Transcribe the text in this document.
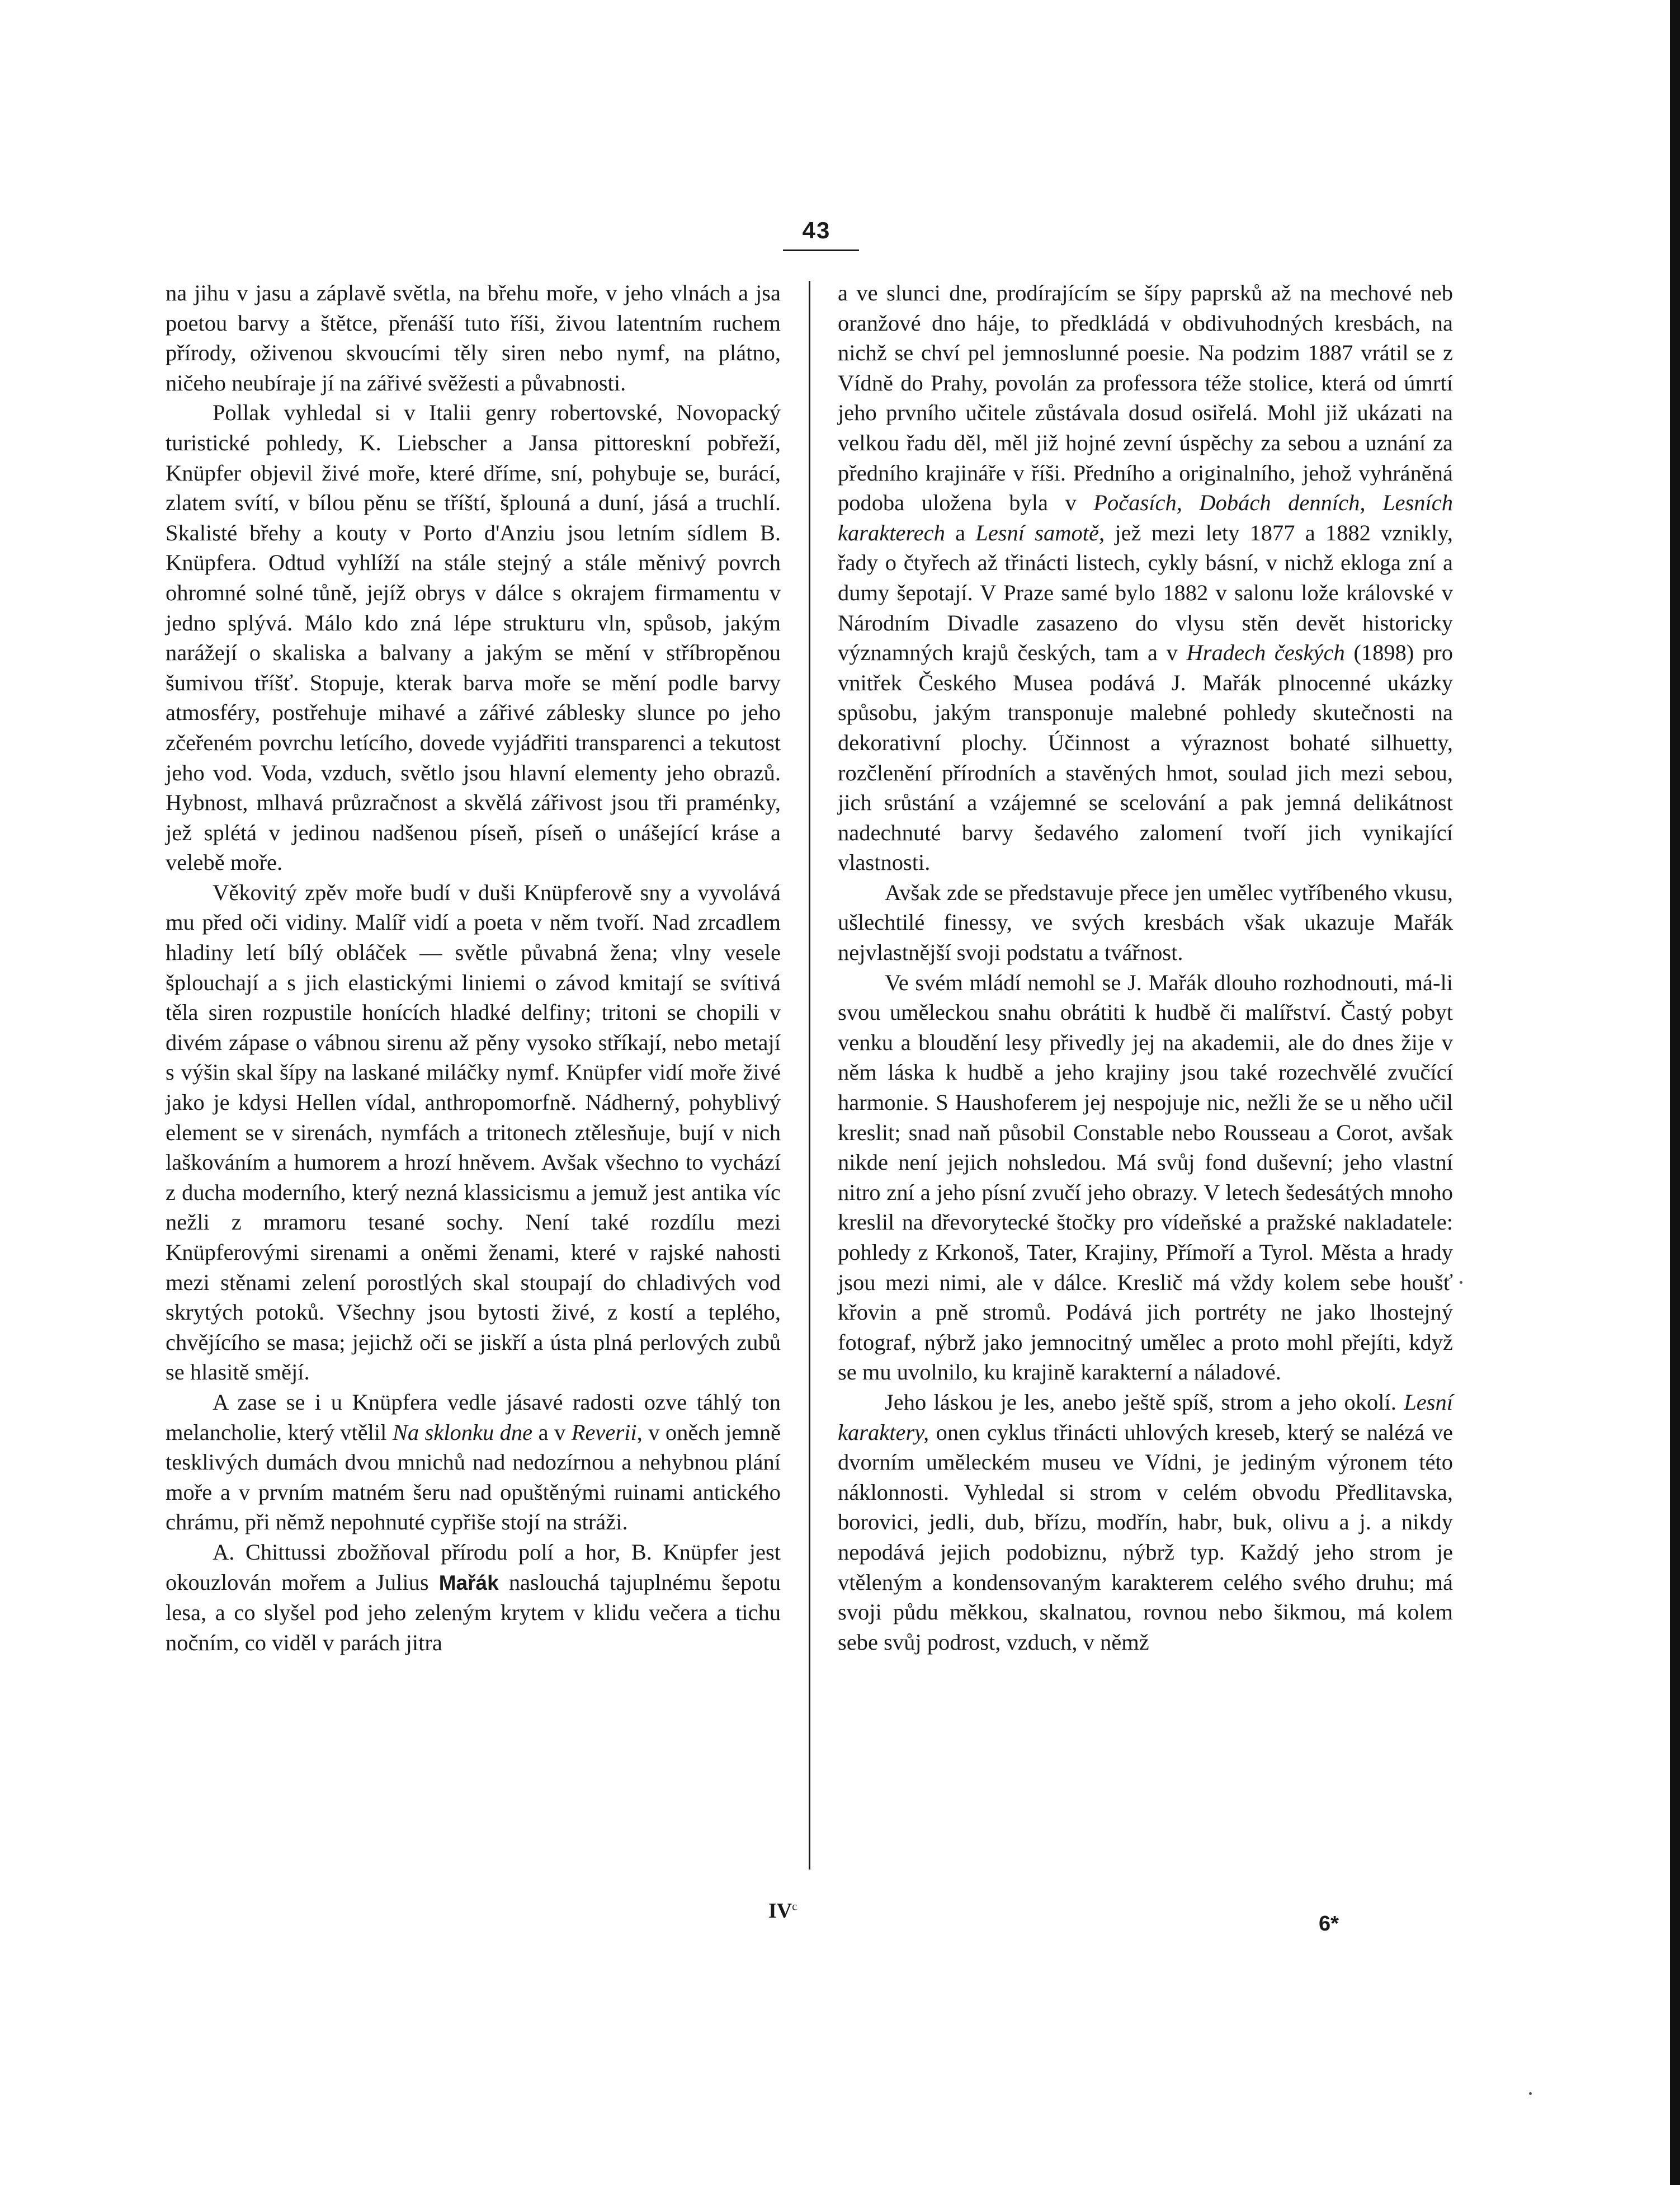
43

na jihu v jasu a záplavě světla, na břehu moře, v jeho vlnách a jsa poetou barvy a štětce, přenáší tuto říši, živou latentním ruchem přírody, oživenou skvoucími těly siren nebo nymf, na plátno, ničeho neubíraje jí na zářivé svěžesti a půvabnosti.

Pollak vyhledal si v Italii genry robertovské, Novopacký turistické pohledy, K. Liebscher a Jansa pittoreskní pobřeží, Knüpfer objevil živé moře, které dříme, sní, pohybuje se, burácí, zlatem svítí, v bílou pěnu se tříští, šplouná a duní, jásá a truchlí. Skalisté břehy a kouty v Porto d'Anziu jsou letním sídlem B. Knüpfera. Odtud vyhlíží na stále stejný a stále měnivý povrch ohromné solné tůně, jejíž obrys v dálce s okrajem firmamentu v jedno splývá. Málo kdo zná lépe strukturu vln, spůsob, jakým narážejí o skaliska a balvany a jakým se mění v stříbropěnou šumivou tříšť. Stopuje, kterak barva moře se mění podle barvy atmosféry, postřehuje mihavé a zářivé záblesky slunce po jeho zčeřeném povrchu letícího, dovede vyjádřiti transparenci a tekutost jeho vod. Voda, vzduch, světlo jsou hlavní elementy jeho obrazů. Hybnost, mlhavá průzračnost a skvělá zářivost jsou tři praménky, jež splétá v jedinou nadšenou píseň, píseň o unášející kráse a velebě moře.

Věkovitý zpěv moře budí v duši Knüpferově sny a vyvolává mu před oči vidiny. Malíř vidí a poeta v něm tvoří. Nad zrcadlem hladiny letí bílý obláček — světle půvabná žena; vlny vesele šplouchají a s jich elastickými liniemi o závod kmitají se svítivá těla siren rozpustile honících hladké delfiny; tritoni se chopili v divém zápase o vábnou sirenu až pěny vysoko stříkají, nebo metají s výšin skal šípy na laskané miláčky nymf. Knüpfer vidí moře živé jako je kdysi Hellen vídal, anthropomorfně. Nádherný, pohyblivý element se v sirenách, nymfách a tritonech ztělesňuje, bují v nich laškováním a humorem a hrozí hněvem. Avšak všechno to vychází z ducha moderního, který nezná klassicismu a jemuž jest antika víc nežli z mramoru tesané sochy. Není také rozdílu mezi Knüpferovými sirenami a oněmi ženami, které v rajské nahosti mezi stěnami zelení porostlých skal stoupají do chladivých vod skrytých potoků. Všechny jsou bytosti živé, z kostí a teplého, chvějícího se masa; jejichž oči se jiskří a ústa plná perlových zubů se hlasitě smějí.

A zase se i u Knüpfera vedle jásavé radosti ozve táhlý ton melancholie, který vtělil Na sklonku dne a v Reverii, v oněch jemně tesklivých dumách dvou mnichů nad nedozírnou a nehybnou plání moře a v prvním matném šeru nad opuštěnými ruinami antického chrámu, při němž nepohnuté cypřiše stojí na stráži.

A. Chittussi zbožňoval přírodu polí a hor, B. Knüpfer jest okouzlován mořem a Julius Mařák naslouchá tajuplnému šepotu lesa, a co slyšel pod jeho zeleným krytem v klidu večera a tichu nočním, co viděl v parách jitra

a ve slunci dne, prodírajícím se šípy paprsků až na mechové neb oranžové dno háje, to předkládá v obdivuhodných kresbách, na nichž se chví pel jemnoslunné poesie. Na podzim 1887 vrátil se z Vídně do Prahy, povolán za professora téže stolice, která od úmrtí jeho prvního učitele zůstávala dosud osiřelá. Mohl již ukázati na velkou řadu děl, měl již hojné zevní úspěchy za sebou a uznání za předního krajináře v říši. Předního a originalního, jehož vyhráněná podoba uložena byla v Počasích, Dobách denních, Lesních karakterech a Lesní samotě, jež mezi lety 1877 a 1882 vznikly, řady o čtyřech až třinácti listech, cykly básní, v nichž ekloga zní a dumy šepotají. V Praze samé bylo 1882 v salonu lože královské v Národním Divadle zasazeno do vlysu stěn devět historicky významných krajů českých, tam a v Hradech českých (1898) pro vnitřek Českého Musea podává J. Mařák plnocenné ukázky spůsobu, jakým transponuje malebné pohledy skutečnosti na dekorativní plochy. Účinnost a výraznost bohaté silhuetty, rozčlenění přírodních a stavěných hmot, soulad jich mezi sebou, jich srůstání a vzájemné se scelování a pak jemná delikátnost nadechnuté barvy šedavého zalomení tvoří jich vynikající vlastnosti.

Avšak zde se představuje přece jen umělec vytříbeného vkusu, ušlechtilé finessy, ve svých kresbách však ukazuje Mařák nejvlastnější svoji podstatu a tvářnost.

Ve svém mládí nemohl se J. Mařák dlouho rozhodnouti, má-li svou uměleckou snahu obrátiti k hudbě či malířství. Častý pobyt venku a bloudění lesy přivedly jej na akademii, ale do dnes žije v něm láska k hudbě a jeho krajiny jsou také rozechvělé zvučící harmonie. S Haushoferem jej nespojuje nic, nežli že se u něho učil kreslit; snad naň působil Constable nebo Rousseau a Corot, avšak nikde není jejich nohsledou. Má svůj fond duševní; jeho vlastní nitro zní a jeho písní zvučí jeho obrazy. V letech šedesátých mnoho kreslil na dřevorytecké štočky pro vídeňské a pražské nakladatele: pohledy z Krkonoš, Tater, Krajiny, Přímoří a Tyrol. Města a hrady jsou mezi nimi, ale v dálce. Kreslič má vždy kolem sebe houšť křovin a pně stromů. Podává jich portréty ne jako lhostejný fotograf, nýbrž jako jemnocitný umělec a proto mohl přejíti, když se mu uvolnilo, ku krajině karakterní a náladové.

Jeho láskou je les, anebo ještě spíš, strom a jeho okolí. Lesní karaktery, onen cyklus třinácti uhlových kreseb, který se nalézá ve dvorním uměleckém museu ve Vídni, je jediným výronem této náklonnosti. Vyhledal si strom v celém obvodu Předlitavska, borovici, jedli, dub, břízu, modřín, habr, buk, olivu a j. a nikdy nepodává jejich podobiznu, nýbrž typ. Každý jeho strom je vtěleným a kondensovaným karakterem celého svého druhu; má svoji půdu měkkou, skalnatou, rovnou nebo šikmou, má kolem sebe svůj podrost, vzduch, v němž

$IV^c$
6*
